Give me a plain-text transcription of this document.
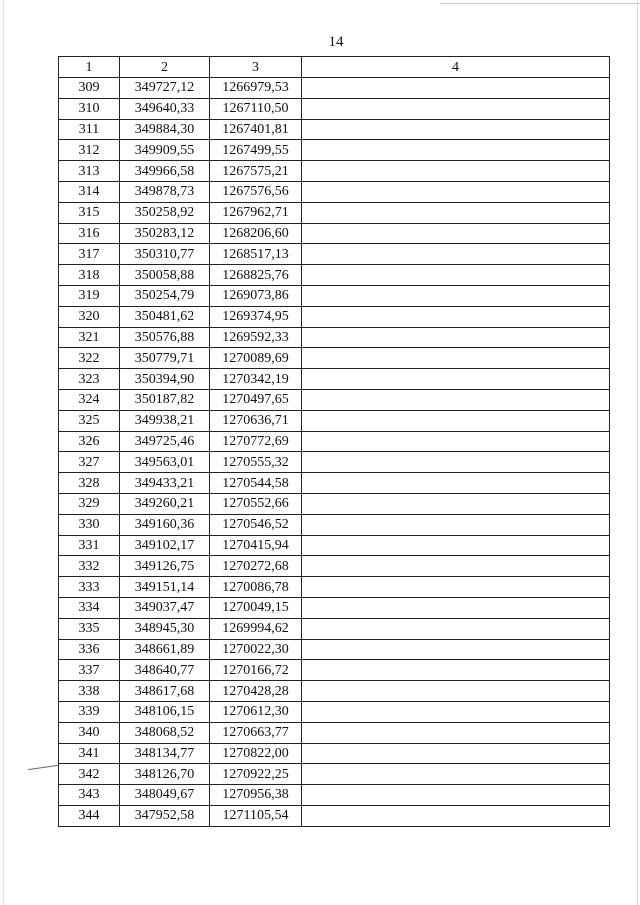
14
1	2	3	4
309	349727,12	1266979,53	
310	349640,33	1267110,50	
311	349884,30	1267401,81	
312	349909,55	1267499,55	
313	349966,58	1267575,21	
314	349878,73	1267576,56	
315	350258,92	1267962,71	
316	350283,12	1268206,60	
317	350310,77	1268517,13	
318	350058,88	1268825,76	
319	350254,79	1269073,86	
320	350481,62	1269374,95	
321	350576,88	1269592,33	
322	350779,71	1270089,69	
323	350394,90	1270342,19	
324	350187,82	1270497,65	
325	349938,21	1270636,71	
326	349725,46	1270772,69	
327	349563,01	1270555,32	
328	349433,21	1270544,58	
329	349260,21	1270552,66	
330	349160,36	1270546,52	
331	349102,17	1270415,94	
332	349126,75	1270272,68	
333	349151,14	1270086,78	
334	349037,47	1270049,15	
335	348945,30	1269994,62	
336	348661,89	1270022,30	
337	348640,77	1270166,72	
338	348617,68	1270428,28	
339	348106,15	1270612,30	
340	348068,52	1270663,77	
341	348134,77	1270822,00	
342	348126,70	1270922,25	
343	348049,67	1270956,38	
344	347952,58	1271105,54	
